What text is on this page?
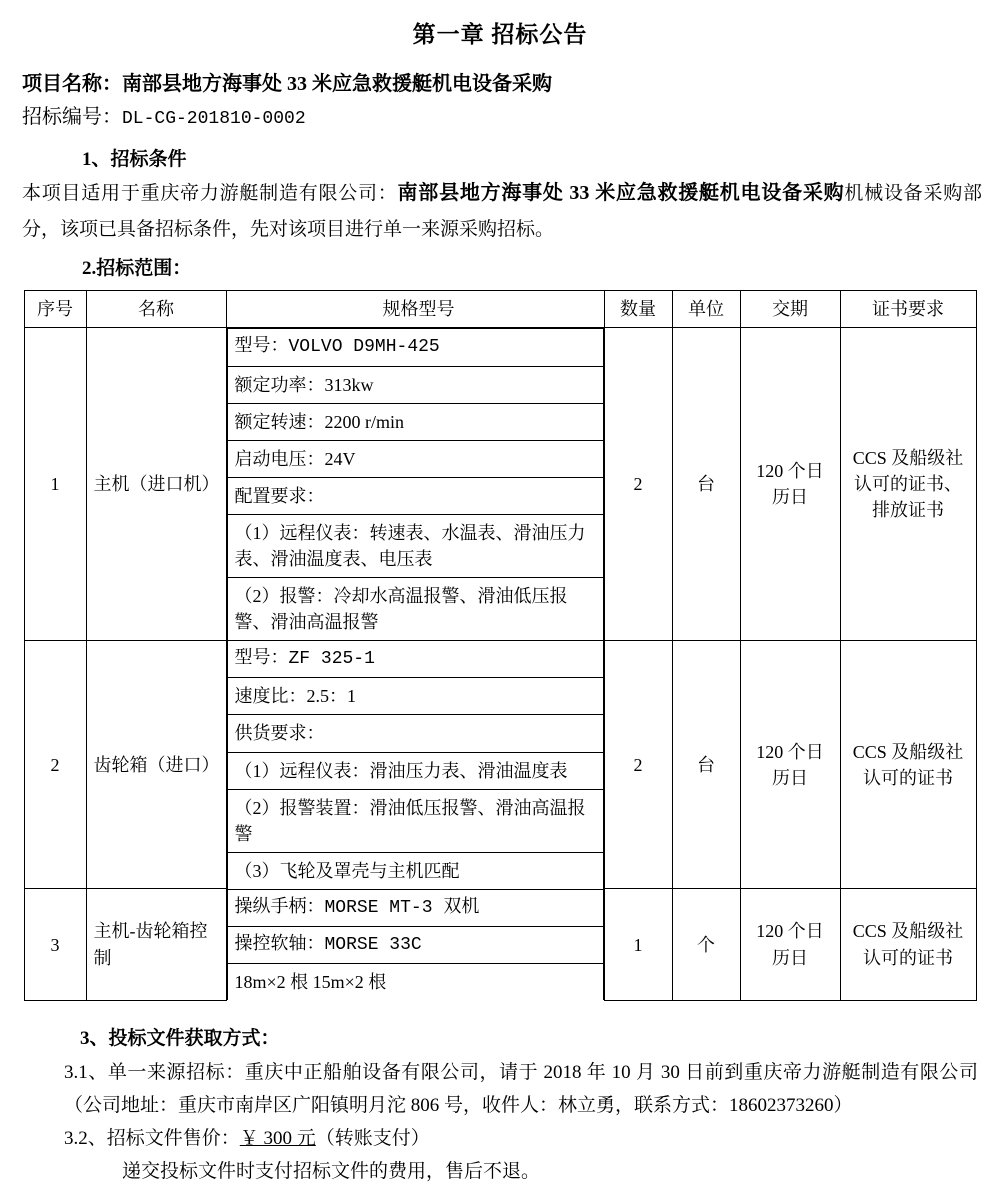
第一章 招标公告
项目名称：南部县地方海事处 33 米应急救援艇机电设备采购
招标编号：DL-CG-201810-0002
1、招标条件
本项目适用于重庆帝力游艇制造有限公司：南部县地方海事处 33 米应急救援艇机电设备采购机械设备采购部分，该项已具备招标条件，先对该项目进行单一来源采购招标。
2.招标范围：
序号	名称	规格型号	数量	单位	交期	证书要求
1	主机（进口机）	
型号：VOLVO D9MH-425
额定功率：313kw
额定转速：2200 r/min
启动电压：24V
配置要求：
（1）远程仪表：转速表、水温表、滑油压力表、滑油温度表、电压表
（2）报警：冷却水高温报警、滑油低压报警、滑油高温报警
	2	台	120 个日历日	CCS 及船级社认可的证书、排放证书
2	齿轮箱（进口）	
型号：ZF 325-1
速度比：2.5：1
供货要求：
（1）远程仪表：滑油压力表、滑油温度表
（2）报警装置：滑油低压报警、滑油高温报警
（3）飞轮及罩壳与主机匹配
	2	台	120 个日历日	CCS 及船级社认可的证书
3	主机-齿轮箱控制	
操纵手柄：MORSE MT-3 双机
操控软轴：MORSE 33C
18m×2 根 15m×2 根
	1	个	120 个日历日	CCS 及船级社认可的证书
3、投标文件获取方式：
3.1、单一来源招标：重庆中正船舶设备有限公司，请于 2018 年 10 月 30 日前到重庆帝力游艇制造有限公司（公司地址：重庆市南岸区广阳镇明月沱 806 号，收件人：林立勇，联系方式：18602373260）
3.2、招标文件售价：￥ 300 元（转账支付）
递交投标文件时支付招标文件的费用，售后不退。
